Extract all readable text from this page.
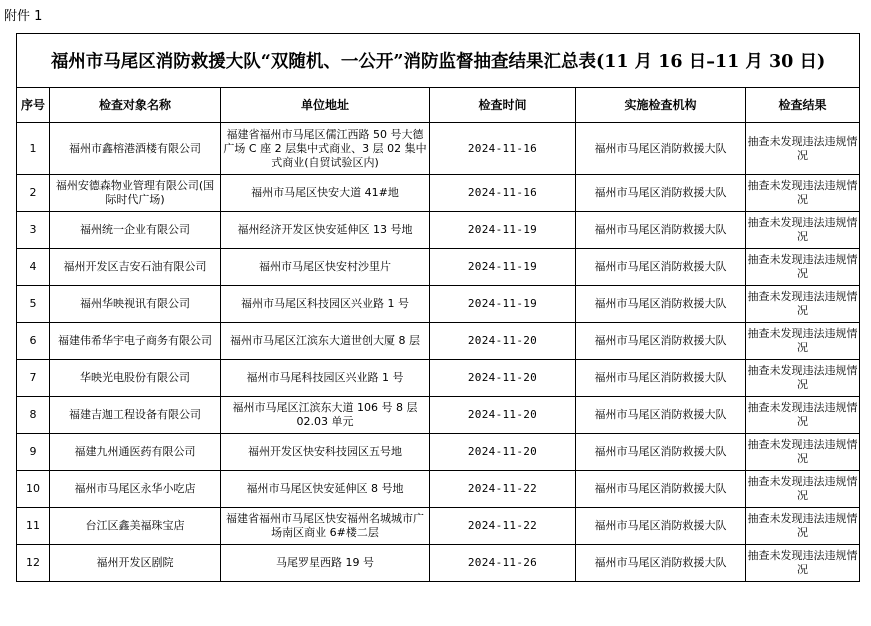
附件 1
福州市马尾区消防救援大队“双随机、一公开”消防监督抽查结果汇总表(11 月 16 日–11 月 30 日)					
序号	检查对象名称	单位地址	检查时间	实施检查机构	检查结果
1	福州市鑫榕港酒楼有限公司	福建省福州市马尾区儒江西路 50 号大德广场 C 座 2 层集中式商业、3 层 02 集中式商业(自贸试验区内)	2024-11-16	福州市马尾区消防救援大队	抽查未发现违法违规情况
2	福州安德森物业管理有限公司(国际时代广场)	福州市马尾区快安大道 41#地	2024-11-16	福州市马尾区消防救援大队	抽查未发现违法违规情况
3	福州统一企业有限公司	福州经济开发区快安延伸区 13 号地	2024-11-19	福州市马尾区消防救援大队	抽查未发现违法违规情况
4	福州开发区吉安石油有限公司	福州市马尾区快安村沙里片	2024-11-19	福州市马尾区消防救援大队	抽查未发现违法违规情况
5	福州华映视讯有限公司	福州市马尾区科技园区兴业路 1 号	2024-11-19	福州市马尾区消防救援大队	抽查未发现违法违规情况
6	福建伟希华宇电子商务有限公司	福州市马尾区江滨东大道世创大厦 8 层	2024-11-20	福州市马尾区消防救援大队	抽查未发现违法违规情况
7	华映光电股份有限公司	福州市马尾科技园区兴业路 1 号	2024-11-20	福州市马尾区消防救援大队	抽查未发现违法违规情况
8	福建吉迦工程设备有限公司	福州市马尾区江滨东大道 106 号 8 层 02.03 单元	2024-11-20	福州市马尾区消防救援大队	抽查未发现违法违规情况
9	福建九州通医药有限公司	福州开发区快安科技园区五号地	2024-11-20	福州市马尾区消防救援大队	抽查未发现违法违规情况
10	福州市马尾区永华小吃店	福州市马尾区快安延伸区 8 号地	2024-11-22	福州市马尾区消防救援大队	抽查未发现违法违规情况
11	台江区鑫美福珠宝店	福建省福州市马尾区快安福州名城城市广场南区商业 6#楼二层	2024-11-22	福州市马尾区消防救援大队	抽查未发现违法违规情况
12	福州开发区剧院	马尾罗星西路 19 号	2024-11-26	福州市马尾区消防救援大队	抽查未发现违法违规情况
